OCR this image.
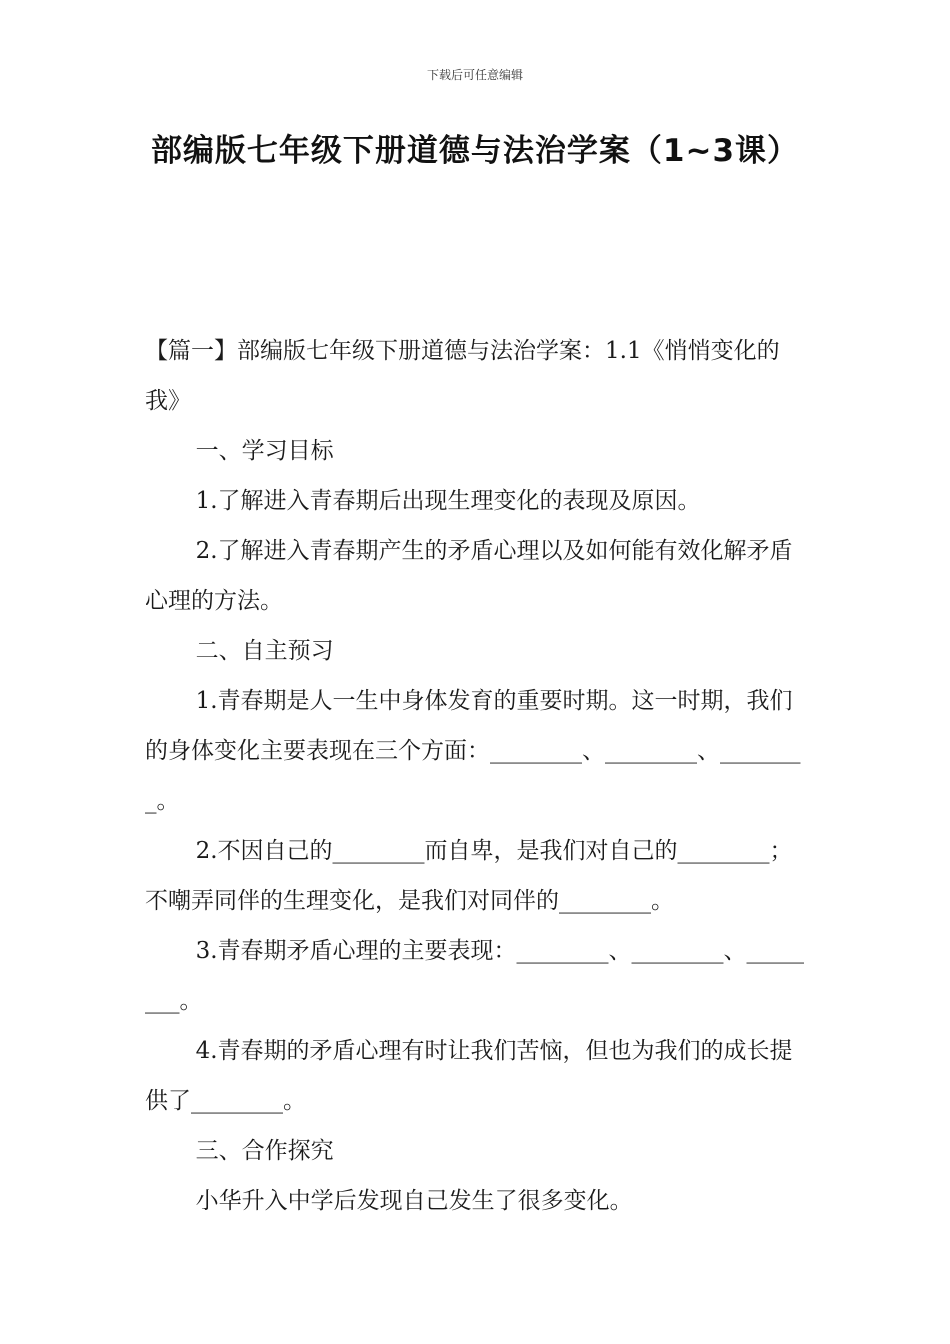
下载后可任意编辑
部编版七年级下册道德与法治学案（1~3课）

【篇一】部编版七年级下册道德与法治学案：1.1《悄悄变化的我》

一、学习目标

1.了解进入青春期后出现生理变化的表现及原因。

2.了解进入青春期产生的矛盾心理以及如何能有效化解矛盾心理的方法。

二、自主预习

1.青春期是人一生中身体发育的重要时期。这一时期，我们的身体变化主要表现在三个方面：________、________、________。

2.不因自己的________而自卑，是我们对自己的________；不嘲弄同伴的生理变化，是我们对同伴的________。

3.青春期矛盾心理的主要表现：________、________、________。

4.青春期的矛盾心理有时让我们苦恼，但也为我们的成长提供了________。

三、合作探究

小华升入中学后发现自己发生了很多变化。
